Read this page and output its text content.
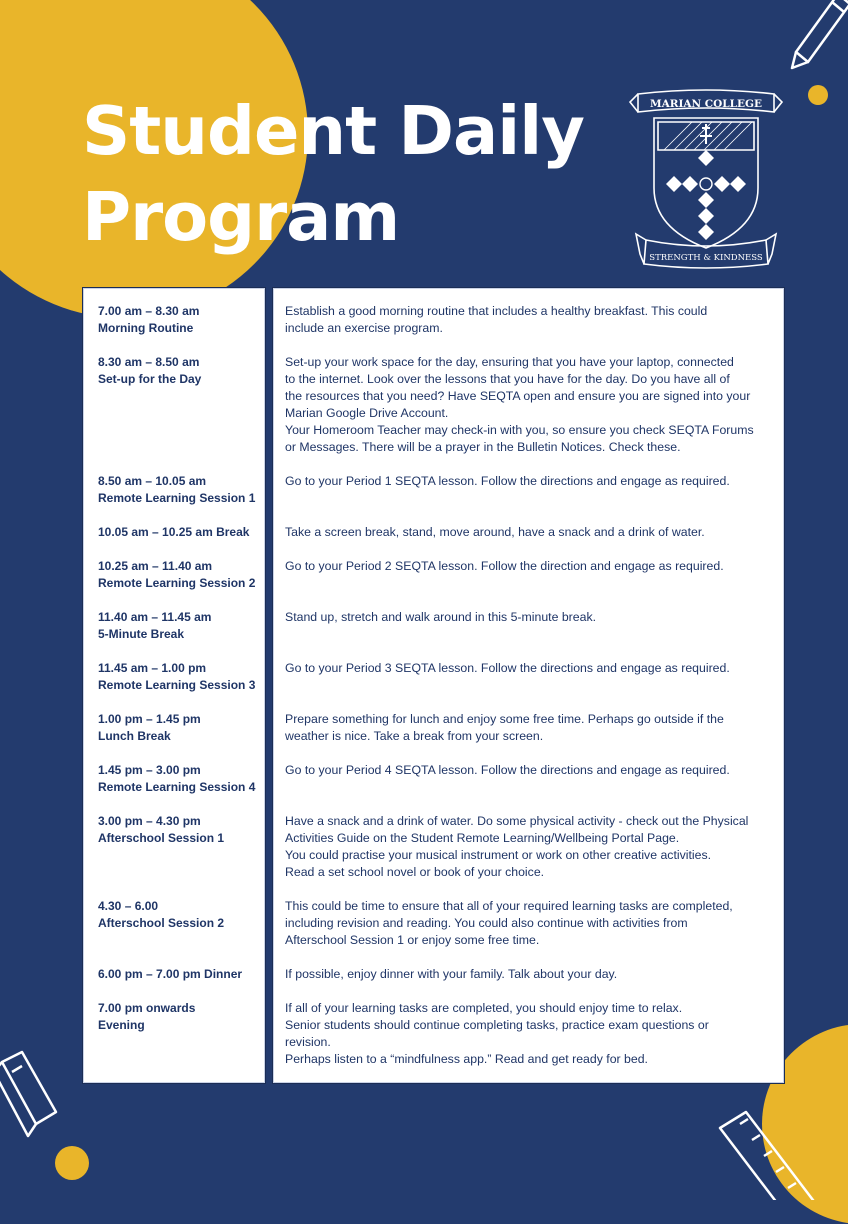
Student Daily
Program
MARIAN COLLEGE
STRENGTH & KINDNESS
7.00 am – 8.30 am
Morning Routine
8.30 am – 8.50 am
Set-up for the Day
8.50 am – 10.05 am
Remote Learning Session 1
10.05 am – 10.25 am Break
10.25 am – 11.40 am
Remote Learning Session 2
11.40 am – 11.45 am
5-Minute Break
11.45 am – 1.00 pm
Remote Learning Session 3
1.00 pm – 1.45 pm
Lunch Break
1.45 pm – 3.00 pm
Remote Learning Session 4
3.00 pm – 4.30 pm
Afterschool Session 1
4.30 – 6.00
Afterschool Session 2
6.00 pm – 7.00 pm Dinner
7.00 pm onwards
Evening
Establish a good morning routine that includes a healthy breakfast. This could
include an exercise program.
Set-up your work space for the day, ensuring that you have your laptop, connected
to the internet. Look over the lessons that you have for the day. Do you have all of
the resources that you need? Have SEQTA open and ensure you are signed into your
Marian Google Drive Account.
Your Homeroom Teacher may check-in with you, so ensure you check SEQTA Forums
or Messages. There will be a prayer in the Bulletin Notices. Check these.
Go to your Period 1 SEQTA lesson. Follow the directions and engage as required.
Take a screen break, stand, move around, have a snack and a drink of water.
Go to your Period 2 SEQTA lesson. Follow the direction and engage as required.
Stand up, stretch and walk around in this 5-minute break.
Go to your Period 3 SEQTA lesson. Follow the directions and engage as required.
Prepare something for lunch and enjoy some free time. Perhaps go outside if the
weather is nice. Take a break from your screen.
Go to your Period 4 SEQTA lesson. Follow the directions and engage as required.
Have a snack and a drink of water. Do some physical activity - check out the Physical
Activities Guide on the Student Remote Learning/Wellbeing Portal Page.
You could practise your musical instrument or work on other creative activities.
Read a set school novel or book of your choice.
This could be time to ensure that all of your required learning tasks are completed,
including revision and reading. You could also continue with activities from
Afterschool Session 1 or enjoy some free time.
If possible, enjoy dinner with your family. Talk about your day.
If all of your learning tasks are completed, you should enjoy time to relax.
Senior students should continue completing tasks, practice exam questions or
revision.
Perhaps listen to a “mindfulness app.” Read and get ready for bed.
